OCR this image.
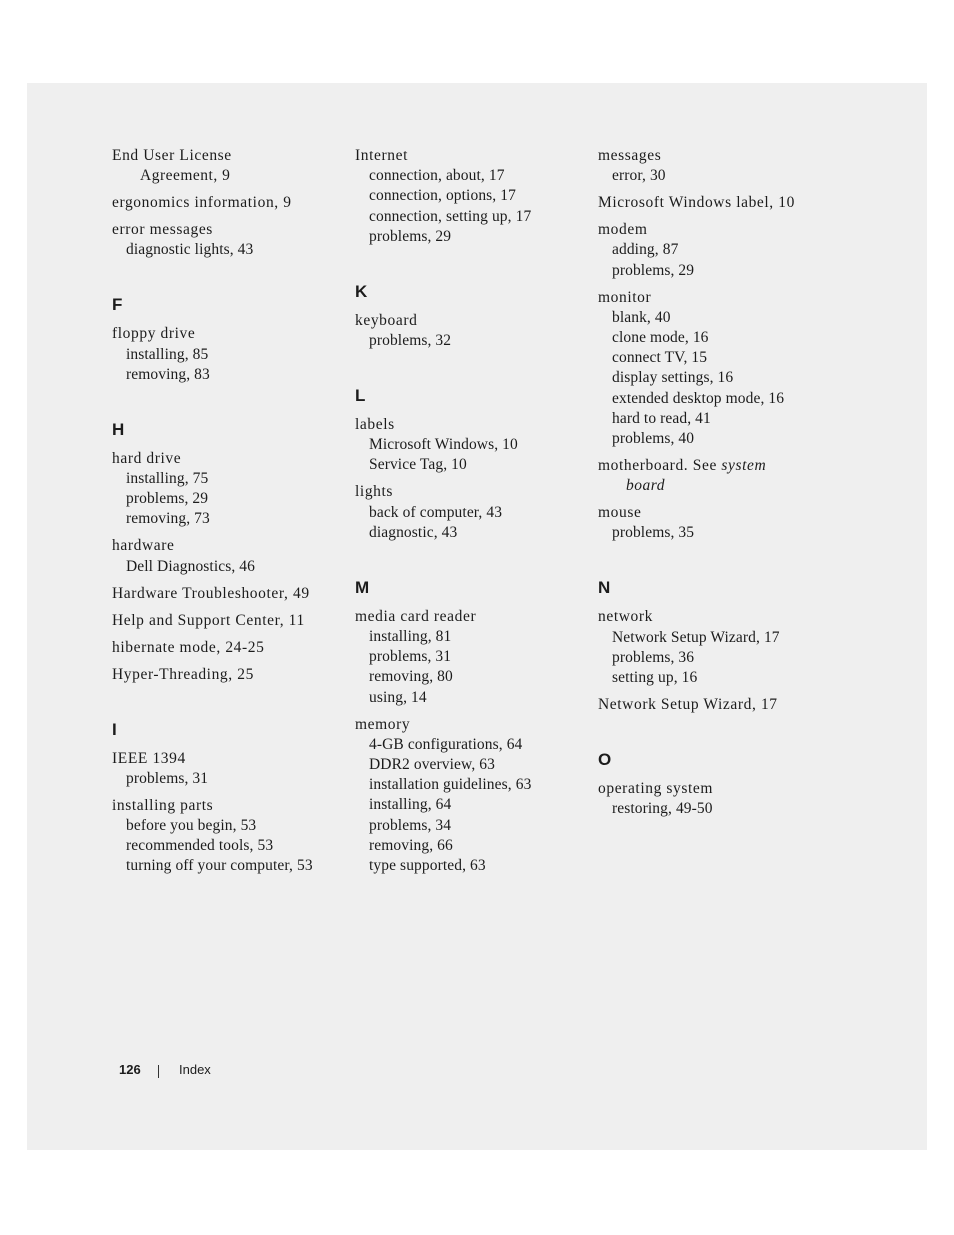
End User License
Agreement, 9
ergonomics information, 9
error messages
diagnostic lights, 43
F
floppy drive
installing, 85
removing, 83
H
hard drive
installing, 75
problems, 29
removing, 73
hardware
Dell Diagnostics, 46
Hardware Troubleshooter, 49
Help and Support Center, 11
hibernate mode, 24-25
Hyper-Threading, 25
I
IEEE 1394
problems, 31
installing parts
before you begin, 53
recommended tools, 53
turning off your computer, 53
Internet
connection, about, 17
connection, options, 17
connection, setting up, 17
problems, 29
K
keyboard
problems, 32
L
labels
Microsoft Windows, 10
Service Tag, 10
lights
back of computer, 43
diagnostic, 43
M
media card reader
installing, 81
problems, 31
removing, 80
using, 14
memory
4-GB configurations, 64
DDR2 overview, 63
installation guidelines, 63
installing, 64
problems, 34
removing, 66
type supported, 63
messages
error, 30
Microsoft Windows label, 10
modem
adding, 87
problems, 29
monitor
blank, 40
clone mode, 16
connect TV, 15
display settings, 16
extended desktop mode, 16
hard to read, 41
problems, 40
motherboard. See system
board
mouse
problems, 35
N
network
Network Setup Wizard, 17
problems, 36
setting up, 16
Network Setup Wizard, 17
O
operating system
restoring, 49-50
126	Index
